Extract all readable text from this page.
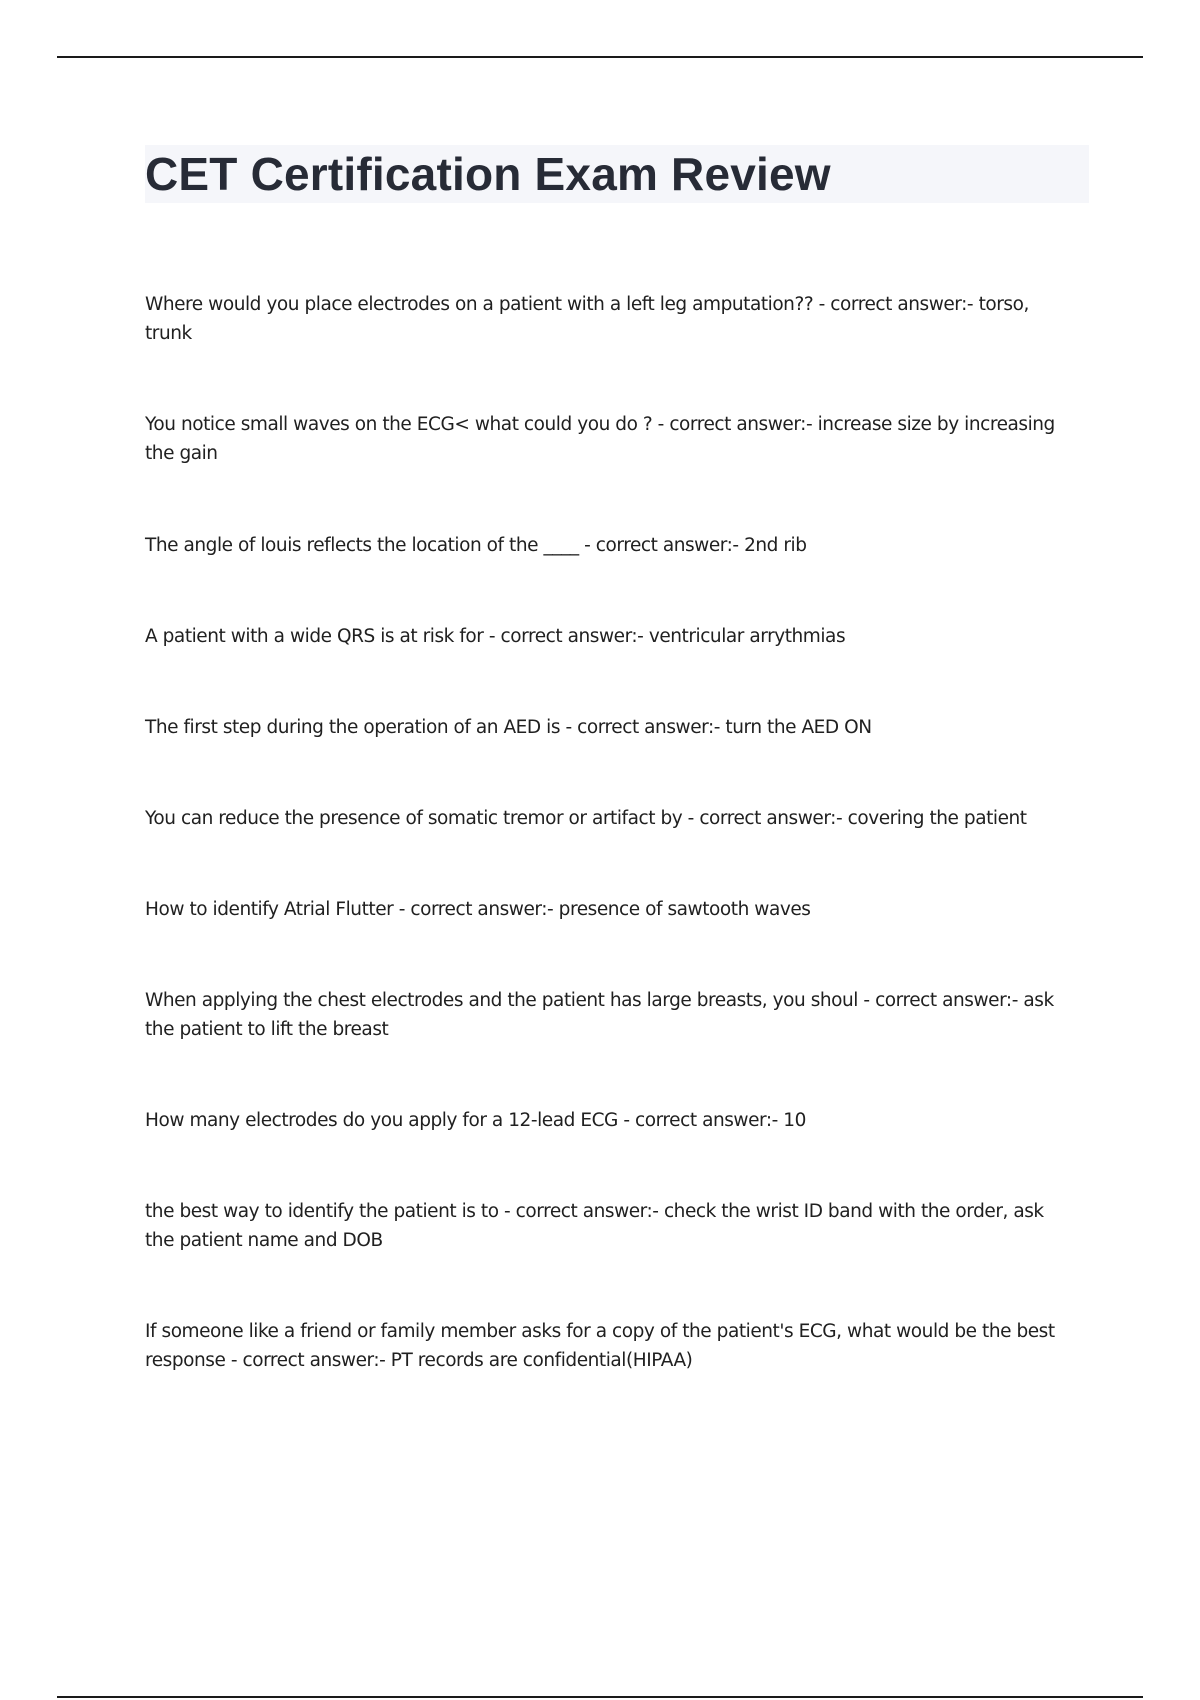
CET Certification Exam Review

Where would you place electrodes on a patient with a left leg amputation?? - correct answer:- torso, trunk

You notice small waves on the ECG< what could you do ? - correct answer:- increase size by increasing the gain

The angle of louis reflects the location of the ____ - correct answer:- 2nd rib

A patient with a wide QRS is at risk for - correct answer:- ventricular arrythmias

The first step during the operation of an AED is - correct answer:- turn the AED ON

You can reduce the presence of somatic tremor or artifact by - correct answer:- covering the patient

How to identify Atrial Flutter - correct answer:- presence of sawtooth waves

When applying the chest electrodes and the patient has large breasts, you shoul - correct answer:- ask the patient to lift the breast

How many electrodes do you apply for a 12-lead ECG - correct answer:- 10

the best way to identify the patient is to - correct answer:- check the wrist ID band with the order, ask the patient name and DOB

If someone like a friend or family member asks for a copy of the patient's ECG, what would be the best response - correct answer:- PT records are confidential(HIPAA)
